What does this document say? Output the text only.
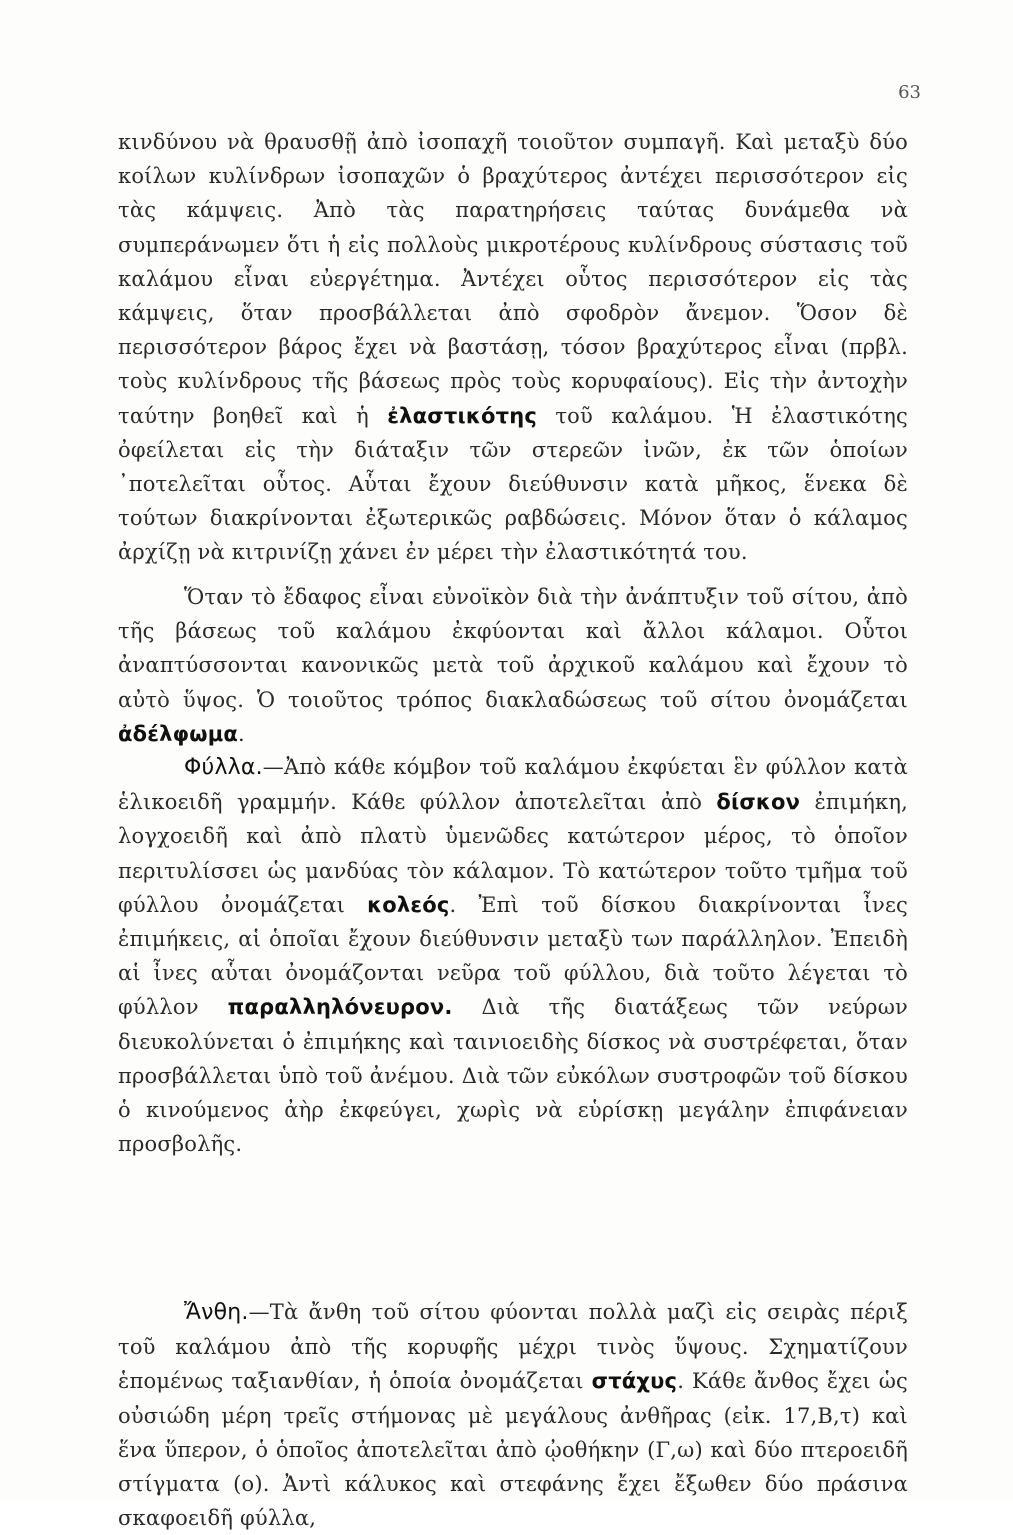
63

κινδύνου νὰ θραυσθῇ ἀπὸ ἰσοπαχῆ τοιοῦτον συμπαγῆ. Καὶ μεταξὺ δύο κοίλων κυλίνδρων ἰσοπαχῶν ὁ βραχύτερος ἀντέχει περισσότερον εἰς τὰς κάμψεις. Ἀπὸ τὰς παρατηρήσεις ταύτας δυνάμεθα νὰ συμπεράνωμεν ὅτι ἡ εἰς πολλοὺς μικροτέρους κυλίνδρους σύστασις τοῦ καλάμου εἶναι εὐεργέτημα. Ἀντέχει οὗτος περισσότερον εἰς τὰς κάμψεις, ὅταν προσβάλλεται ἀπὸ σφοδρὸν ἄνεμον. Ὅσον δὲ περισσότερον βάρος ἔχει νὰ βαστάσῃ, τόσον βραχύτερος εἶναι (πρβλ. τοὺς κυλίνδρους τῆς βάσεως πρὸς τοὺς κορυφαίους). Εἰς τὴν ἀντοχὴν ταύτην βοηθεῖ καὶ ἡ ἐλαστικότης τοῦ καλάμου. Ἡ ἐλαστικότης ὀφείλεται εἰς τὴν διάταξιν τῶν στερεῶν ἰνῶν, ἐκ τῶν ὁποίων ᾽ποτελεῖται οὗτος. Αὗται ἔχουν διεύθυνσιν κατὰ μῆκος, ἕνεκα δὲ τούτων διακρίνονται ἐξωτερικῶς ραβδώσεις. Μόνον ὅταν ὁ κάλαμος ἀρχίζῃ νὰ κιτρινίζῃ χάνει ἐν μέρει τὴν ἐλαστικότητά του.

Ὅταν τὸ ἔδαφος εἶναι εὐνοϊκὸν διὰ τὴν ἀνάπτυξιν τοῦ σίτου, ἀπὸ τῆς βάσεως τοῦ καλάμου ἐκφύονται καὶ ἄλλοι κάλαμοι. Οὗτοι ἀναπτύσσονται κανονικῶς μετὰ τοῦ ἀρχικοῦ καλάμου καὶ ἔχουν τὸ αὐτὸ ὕψος. Ὁ τοιοῦτος τρόπος διακλαδώσεως τοῦ σίτου ὀνομάζεται ἀδέλφωμα.

Φύλλα.—Ἀπὸ κάθε κόμβον τοῦ καλάμου ἐκφύεται ἓν φύλλον κατὰ ἑλικοειδῆ γραμμήν. Κάθε φύλλον ἀποτελεῖται ἀπὸ δίσκον ἐπιμήκη, λογχοειδῆ καὶ ἀπὸ πλατὺ ὑμενῶδες κατώτερον μέρος, τὸ ὁποῖον περιτυλίσσει ὡς μανδύας τὸν κάλαμον. Τὸ κατώτερον τοῦτο τμῆμα τοῦ φύλλου ὀνομάζεται κολεός. Ἐπὶ τοῦ δίσκου διακρίνονται ἶνες ἐπιμήκεις, αἱ ὁποῖαι ἔχουν διεύθυνσιν μεταξὺ των παράλληλον. Ἐπειδὴ αἱ ἶνες αὗται ὀνομάζονται νεῦρα τοῦ φύλλου, διὰ τοῦτο λέγεται τὸ φύλλον παραλληλόνευρον. Διὰ τῆς διατάξεως τῶν νεύρων διευκολύνεται ὁ ἐπιμήκης καὶ ταινιοειδὴς δίσκος νὰ συστρέφεται, ὅταν προσβάλλεται ὑπὸ τοῦ ἀνέμου. Διὰ τῶν εὐκόλων συστροφῶν τοῦ δίσκου ὁ κινούμενος ἀὴρ ἐκφεύγει, χωρὶς νὰ εὑρίσκῃ μεγάλην ἐπιφάνειαν προσβολῆς.

Ἄνθη.—Τὰ ἄνθη τοῦ σίτου φύονται πολλὰ μαζὶ εἰς σειρὰς πέριξ τοῦ καλάμου ἀπὸ τῆς κορυφῆς μέχρι τινὸς ὕψους. Σχηματίζουν ἑπομένως ταξιανθίαν, ἡ ὁποία ὀνομάζεται στάχυς. Κάθε ἄνθος ἔχει ὡς οὐσιώδη μέρη τρεῖς στήμονας μὲ μεγάλους ἀνθῆρας (εἰκ. 17,Β,τ) καὶ ἕνα ὕπερον, ὁ ὁποῖος ἀποτελεῖται ἀπὸ ᾠοθήκην (Γ,ω) καὶ δύο πτεροειδῆ στίγματα (ο). Ἀντὶ κάλυκος καὶ στεφάνης ἔχει ἔξωθεν δύο πράσινα σκαφοειδῆ φύλλα,
